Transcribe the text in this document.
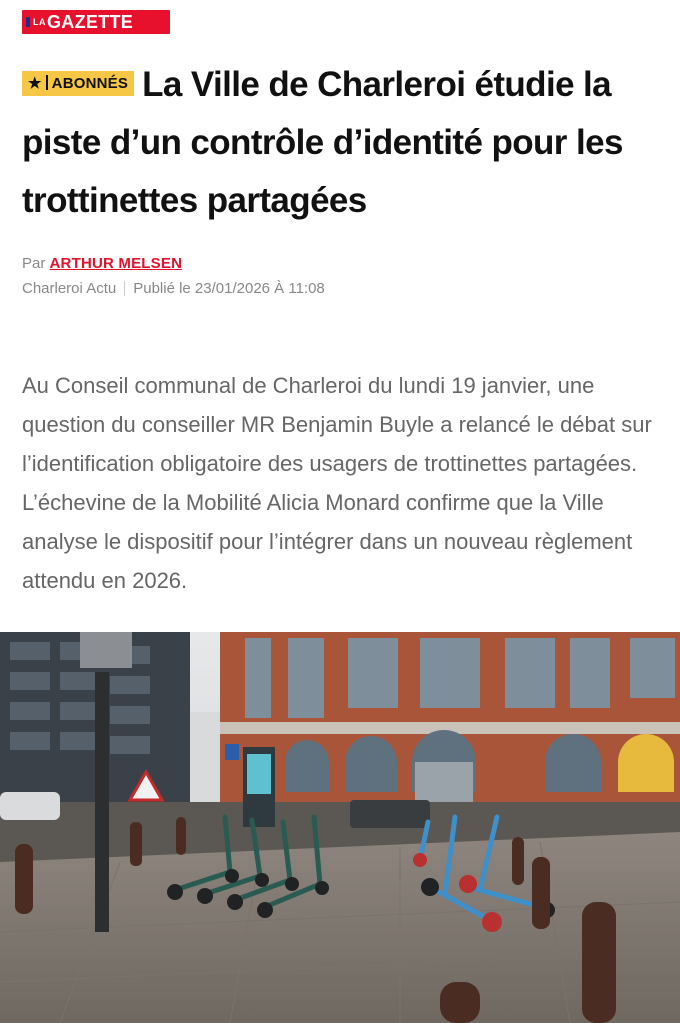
LA GAZETTE
★ ABONNÉS La Ville de Charleroi étudie la piste d’un contrôle d’identité pour les trottinettes partagées
Par ARTHUR MELSEN
Charleroi Actu Publié le 23/01/2026 À 11:08

Au Conseil communal de Charleroi du lundi 19 janvier, une question du conseiller MR Benjamin Buyle a relancé le débat sur l’identification obligatoire des usagers de trottinettes partagées. L’échevine de la Mobilité Alicia Monard confirme que la Ville analyse le dispositif pour l’intégrer dans un nouveau règlement attendu en 2026.
